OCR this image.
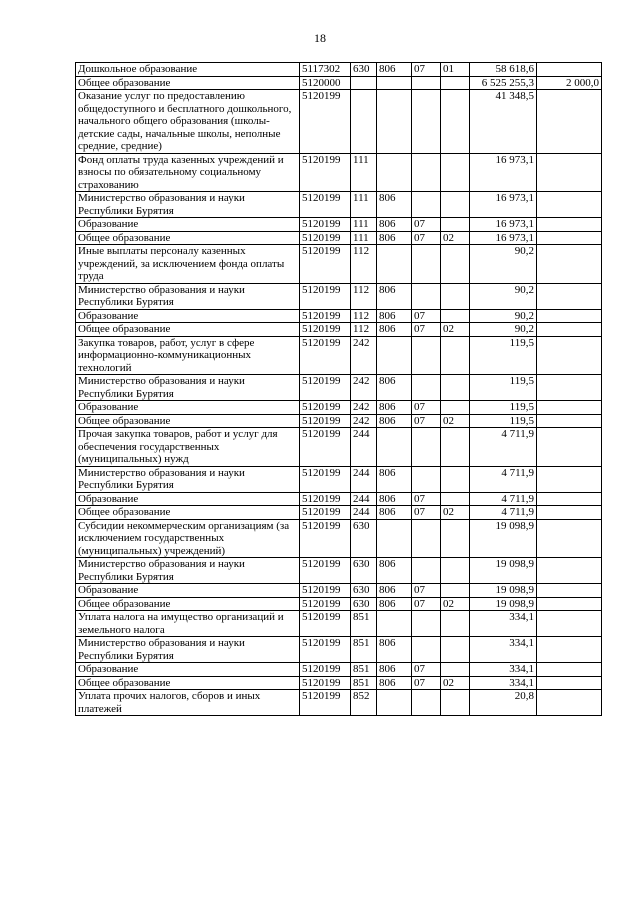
18
Дошкольное образование	5117302	630	806	07	01	58 618,6	
Общее образование	5120000					6 525 255,3	2 000,0
Оказание услуг по предоставлению общедоступного и бесплатного дошкольного, начального общего образования (школы-детские сады, начальные школы, неполные средние, средние)	5120199					41 348,5	
Фонд оплаты труда казенных учреждений и взносы по обязательному социальному страхованию	5120199	111				16 973,1	
Министерство образования и науки Республики Бурятия	5120199	111	806			16 973,1	
Образование	5120199	111	806	07		16 973,1	
Общее образование	5120199	111	806	07	02	16 973,1	
Иные выплаты персоналу казенных учреждений, за исключением фонда оплаты труда	5120199	112				90,2	
Министерство образования и науки Республики Бурятия	5120199	112	806			90,2	
Образование	5120199	112	806	07		90,2	
Общее образование	5120199	112	806	07	02	90,2	
Закупка товаров, работ, услуг в сфере информационно-коммуникационных технологий	5120199	242				119,5	
Министерство образования и науки Республики Бурятия	5120199	242	806			119,5	
Образование	5120199	242	806	07		119,5	
Общее образование	5120199	242	806	07	02	119,5	
Прочая закупка товаров, работ и услуг для обеспечения государственных (муниципальных) нужд	5120199	244				4 711,9	
Министерство образования и науки Республики Бурятия	5120199	244	806			4 711,9	
Образование	5120199	244	806	07		4 711,9	
Общее образование	5120199	244	806	07	02	4 711,9	
Субсидии некоммерческим организациям (за исключением государственных (муниципальных) учреждений)	5120199	630				19 098,9	
Министерство образования и науки Республики Бурятия	5120199	630	806			19 098,9	
Образование	5120199	630	806	07		19 098,9	
Общее образование	5120199	630	806	07	02	19 098,9	
Уплата налога на имущество организаций и земельного налога	5120199	851				334,1	
Министерство образования и науки Республики Бурятия	5120199	851	806			334,1	
Образование	5120199	851	806	07		334,1	
Общее образование	5120199	851	806	07	02	334,1	
Уплата прочих налогов, сборов и иных платежей	5120199	852				20,8	
